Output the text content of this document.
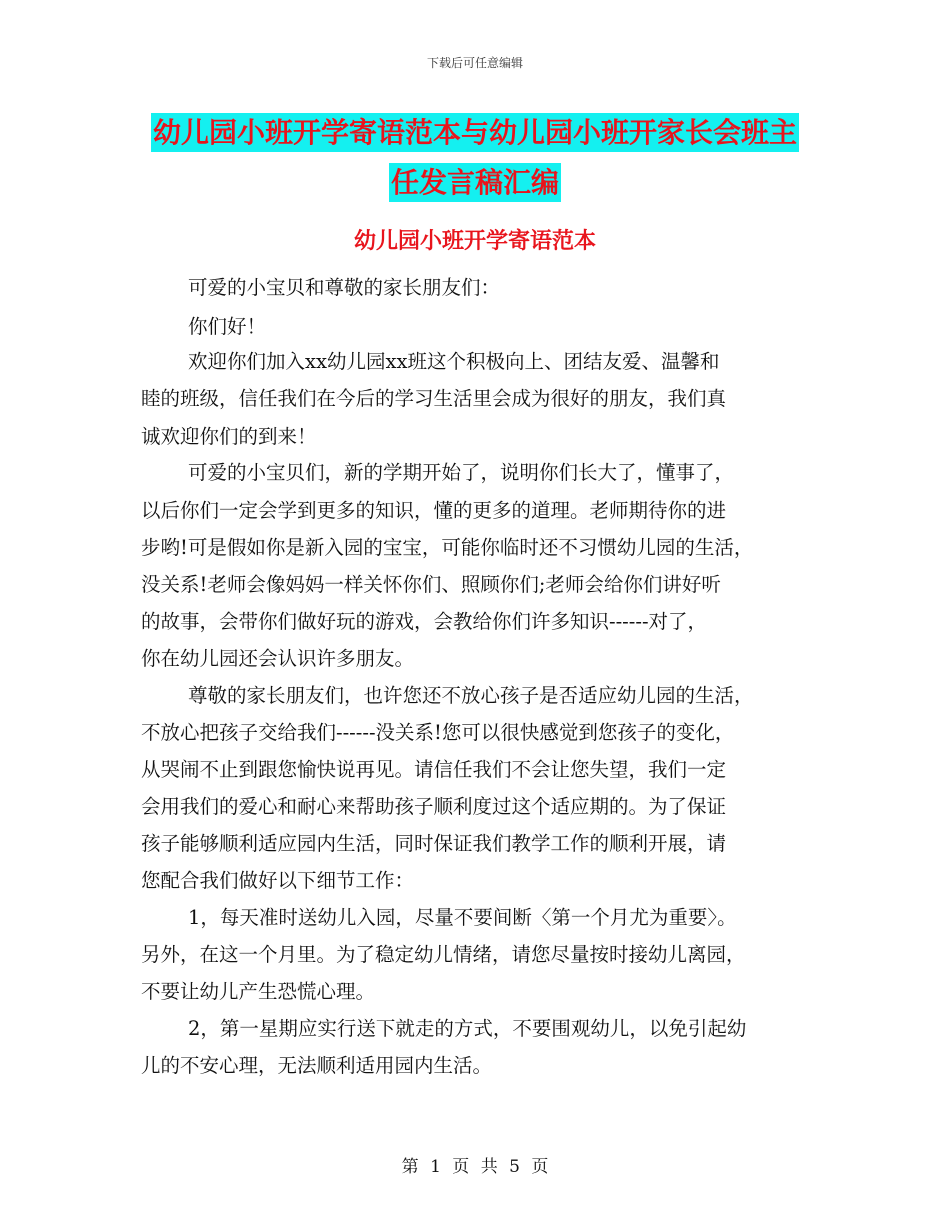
下载后可任意编辑
幼儿园小班开学寄语范本与幼儿园小班开家长会班主
任发言稿汇编
幼儿园小班开学寄语范本
可爱的小宝贝和尊敬的家长朋友们：
你们好！
欢迎你们加入xx幼儿园xx班这个积极向上、团结友爱、温馨和
睦的班级，信任我们在今后的学习生活里会成为很好的朋友，我们真
诚欢迎你们的到来！
可爱的小宝贝们，新的学期开始了，说明你们长大了，懂事了，
以后你们一定会学到更多的知识，懂的更多的道理。老师期待你的进
步哟!可是假如你是新入园的宝宝，可能你临时还不习惯幼儿园的生活，
没关系!老师会像妈妈一样关怀你们、照顾你们;老师会给你们讲好听
的故事，会带你们做好玩的游戏，会教给你们许多知识------对了，
你在幼儿园还会认识许多朋友。
尊敬的家长朋友们，也许您还不放心孩子是否适应幼儿园的生活，
不放心把孩子交给我们------没关系!您可以很快感觉到您孩子的变化，
从哭闹不止到跟您愉快说再见。请信任我们不会让您失望，我们一定
会用我们的爱心和耐心来帮助孩子顺利度过这个适应期的。为了保证
孩子能够顺利适应园内生活，同时保证我们教学工作的顺利开展，请
您配合我们做好以下细节工作：
1，每天准时送幼儿入园，尽量不要间断〈第一个月尤为重要〉。
另外，在这一个月里。为了稳定幼儿情绪，请您尽量按时接幼儿离园，
不要让幼儿产生恐慌心理。
2，第一星期应实行送下就走的方式，不要围观幼儿，以免引起幼
儿的不安心理，无法顺利适用园内生活。
第 1 页 共 5 页
